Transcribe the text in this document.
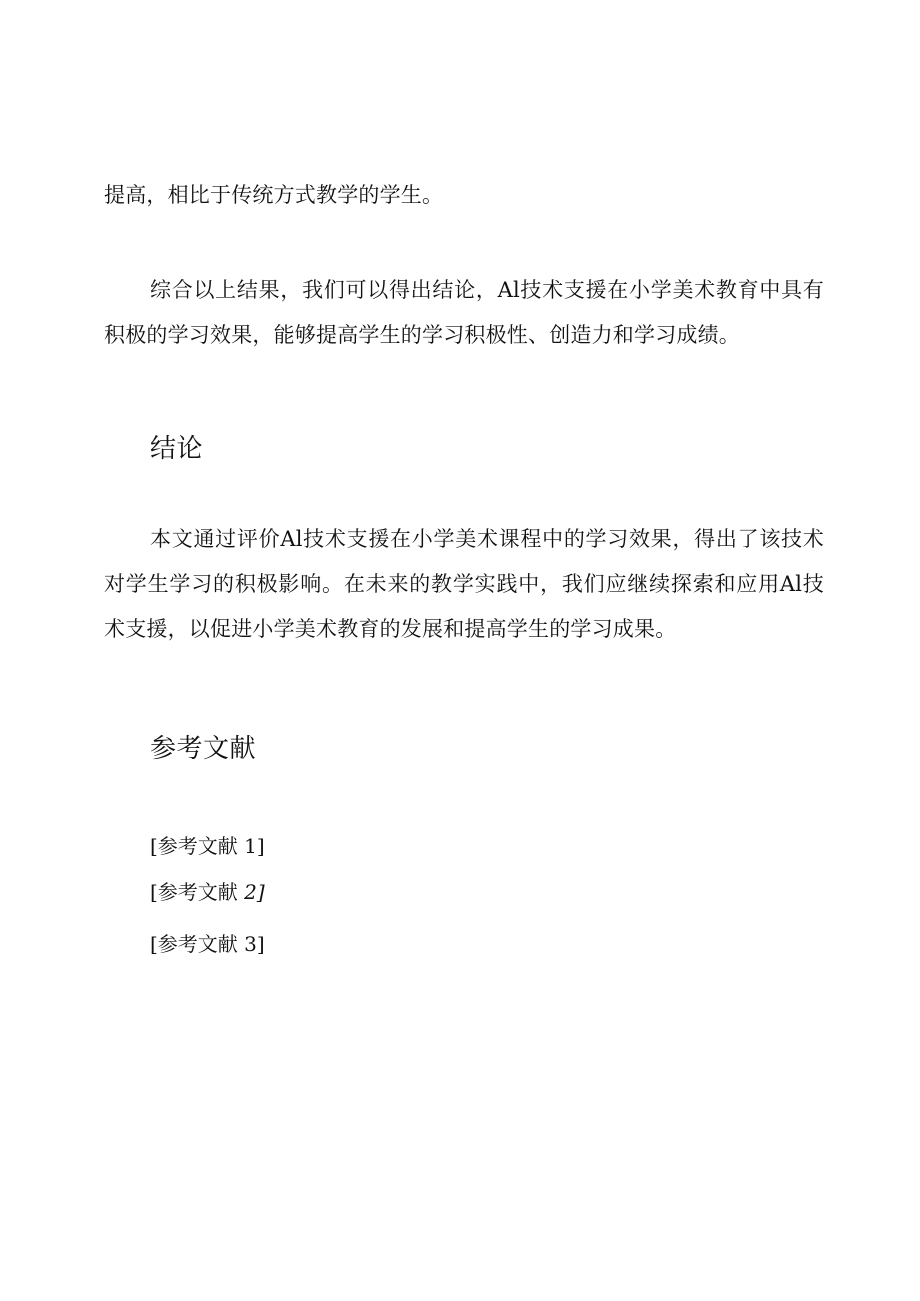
提高，相比于传统方式教学的学生。

综合以上结果，我们可以得出结论，Al技术支援在小学美术教育中具有积极的学习效果，能够提高学生的学习积极性、创造力和学习成绩。

结论

本文通过评价Al技术支援在小学美术课程中的学习效果，得出了该技术对学生学习的积极影响。在未来的教学实践中，我们应继续探索和应用Al技术支援，以促进小学美术教育的发展和提高学生的学习成果。

参考文献

[参考文献 1]

[参考文献 2]

[参考文献 3]
